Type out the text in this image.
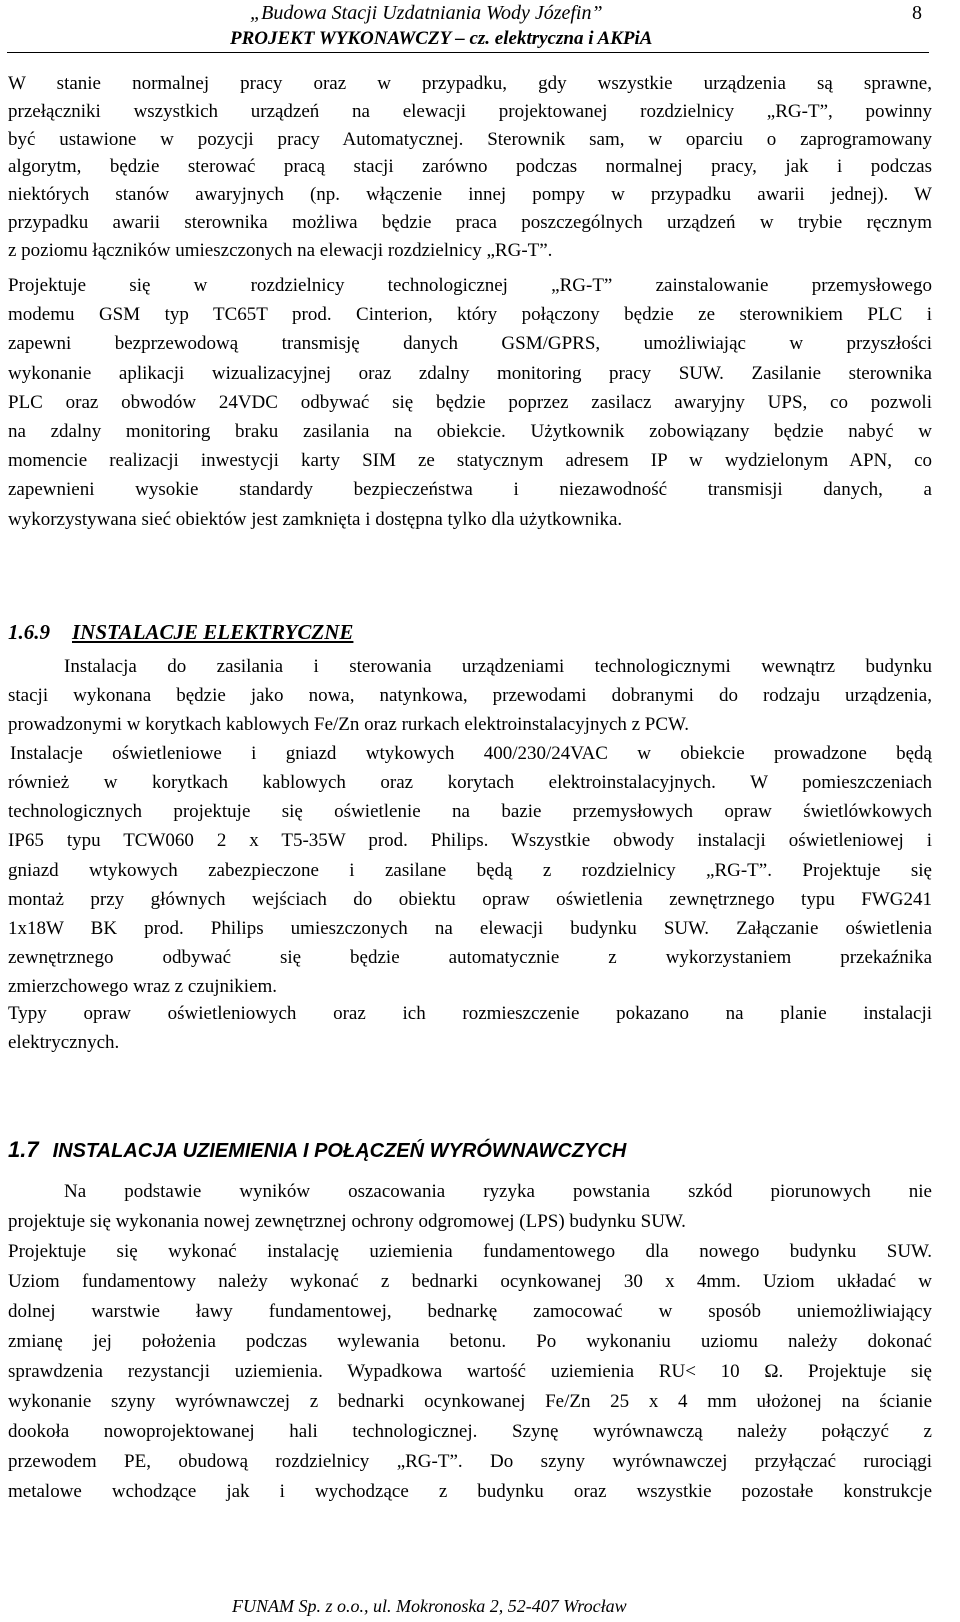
„Budowa Stacji Uzdatniania Wody Józefin”
PROJEKT WYKONAWCZY – cz. elektryczna i AKPiA
8
W stanie normalnej pracy oraz w przypadku, gdy wszystkie urządzenia są sprawne,
przełączniki wszystkich urządzeń na elewacji projektowanej rozdzielnicy „RG-T”, powinny
być ustawione w pozycji pracy Automatycznej. Sterownik sam, w oparciu o zaprogramowany
algorytm, będzie sterować pracą stacji zarówno podczas normalnej pracy, jak i podczas
niektórych stanów awaryjnych (np. włączenie innej pompy w przypadku awarii jednej). W
przypadku awarii sterownika możliwa będzie praca poszczególnych urządzeń w trybie ręcznym
z poziomu łączników umieszczonych na elewacji rozdzielnicy „RG-T”.
Projektuje się w rozdzielnicy technologicznej „RG-T” zainstalowanie przemysłowego
modemu GSM typ TC65T prod. Cinterion, który połączony będzie ze sterownikiem PLC i
zapewni bezprzewodową transmisję danych GSM/GPRS, umożliwiając w przyszłości
wykonanie aplikacji wizualizacyjnej oraz zdalny monitoring pracy SUW. Zasilanie sterownika
PLC oraz obwodów 24VDC odbywać się będzie poprzez zasilacz awaryjny UPS, co pozwoli
na zdalny monitoring braku zasilania na obiekcie. Użytkownik zobowiązany będzie nabyć w
momencie realizacji inwestycji karty SIM ze statycznym adresem IP w wydzielonym APN, co
zapewnieni wysokie standardy bezpieczeństwa i niezawodność transmisji danych, a
wykorzystywana sieć obiektów jest zamknięta i dostępna tylko dla użytkownika.
1.6.9 INSTALACJE ELEKTRYCZNE
Instalacja do zasilania i sterowania urządzeniami technologicznymi wewnątrz budynku
stacji wykonana będzie jako nowa, natynkowa, przewodami dobranymi do rodzaju urządzenia,
prowadzonymi w korytkach kablowych Fe/Zn oraz rurkach elektroinstalacyjnych z PCW.
Instalacje oświetleniowe i gniazd wtykowych 400/230/24VAC w obiekcie prowadzone będą
również w korytkach kablowych oraz korytach elektroinstalacyjnych. W pomieszczeniach
technologicznych projektuje się oświetlenie na bazie przemysłowych opraw świetlówkowych
IP65 typu TCW060 2 x T5-35W prod. Philips. Wszystkie obwody instalacji oświetleniowej i
gniazd wtykowych zabezpieczone i zasilane będą z rozdzielnicy „RG-T”. Projektuje się
montaż przy głównych wejściach do obiektu opraw oświetlenia zewnętrznego typu FWG241
1x18W BK prod. Philips umieszczonych na elewacji budynku SUW. Załączanie oświetlenia
zewnętrznego odbywać się będzie automatycznie z wykorzystaniem przekaźnika
zmierzchowego wraz z czujnikiem.
Typy opraw oświetleniowych oraz ich rozmieszczenie pokazano na planie instalacji
elektrycznych.
1.7 INSTALACJA UZIEMIENIA I POŁĄCZEŃ WYRÓWNAWCZYCH
Na podstawie wyników oszacowania ryzyka powstania szkód piorunowych nie
projektuje się wykonania nowej zewnętrznej ochrony odgromowej (LPS) budynku SUW.
Projektuje się wykonać instalację uziemienia fundamentowego dla nowego budynku SUW.
Uziom fundamentowy należy wykonać z bednarki ocynkowanej 30 x 4mm. Uziom układać w
dolnej warstwie ławy fundamentowej, bednarkę zamocować w sposób uniemożliwiający
zmianę jej położenia podczas wylewania betonu. Po wykonaniu uziomu należy dokonać
sprawdzenia rezystancji uziemienia. Wypadkowa wartość uziemienia RU< 10 Ω. Projektuje się
wykonanie szyny wyrównawczej z bednarki ocynkowanej Fe/Zn 25 x 4 mm ułożonej na ścianie
dookoła nowoprojektowanej hali technologicznej. Szynę wyrównawczą należy połączyć z
przewodem PE, obudową rozdzielnicy „RG-T”. Do szyny wyrównawczej przyłączać rurociągi
metalowe wchodzące jak i wychodzące z budynku oraz wszystkie pozostałe konstrukcje
FUNAM Sp. z o.o., ul. Mokronoska 2, 52-407 Wrocław
